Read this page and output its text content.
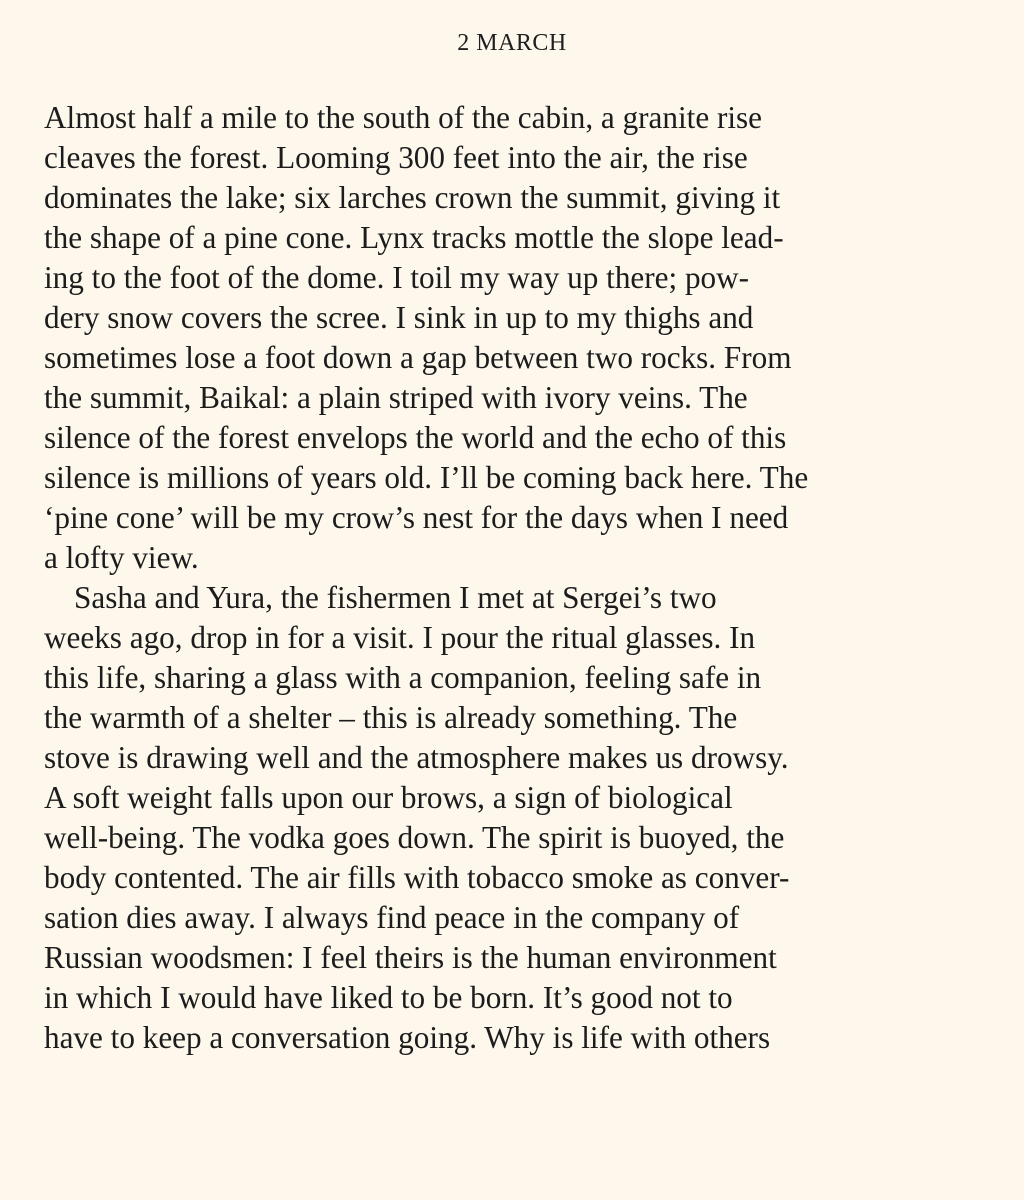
2 MARCH
Almost half a mile to the south of the cabin, a granite rise
cleaves the forest. Looming 300 feet into the air, the rise
dominates the lake; six larches crown the summit, giving it
the shape of a pine cone. Lynx tracks mottle the slope lead-
ing to the foot of the dome. I toil my way up there; pow-
dery snow covers the scree. I sink in up to my thighs and
sometimes lose a foot down a gap between two rocks. From
the summit, Baikal: a plain striped with ivory veins. The
silence of the forest envelops the world and the echo of this
silence is millions of years old. I’ll be coming back here. The
‘pine cone’ will be my crow’s nest for the days when I need
a lofty view.
Sasha and Yura, the fishermen I met at Sergei’s two
weeks ago, drop in for a visit. I pour the ritual glasses. In
this life, sharing a glass with a companion, feeling safe in
the warmth of a shelter – this is already something. The
stove is drawing well and the atmosphere makes us drowsy.
A soft weight falls upon our brows, a sign of biological
well-being. The vodka goes down. The spirit is buoyed, the
body contented. The air fills with tobacco smoke as conver-
sation dies away. I always find peace in the company of
Russian woodsmen: I feel theirs is the human environment
in which I would have liked to be born. It’s good not to
have to keep a conversation going. Why is life with others
